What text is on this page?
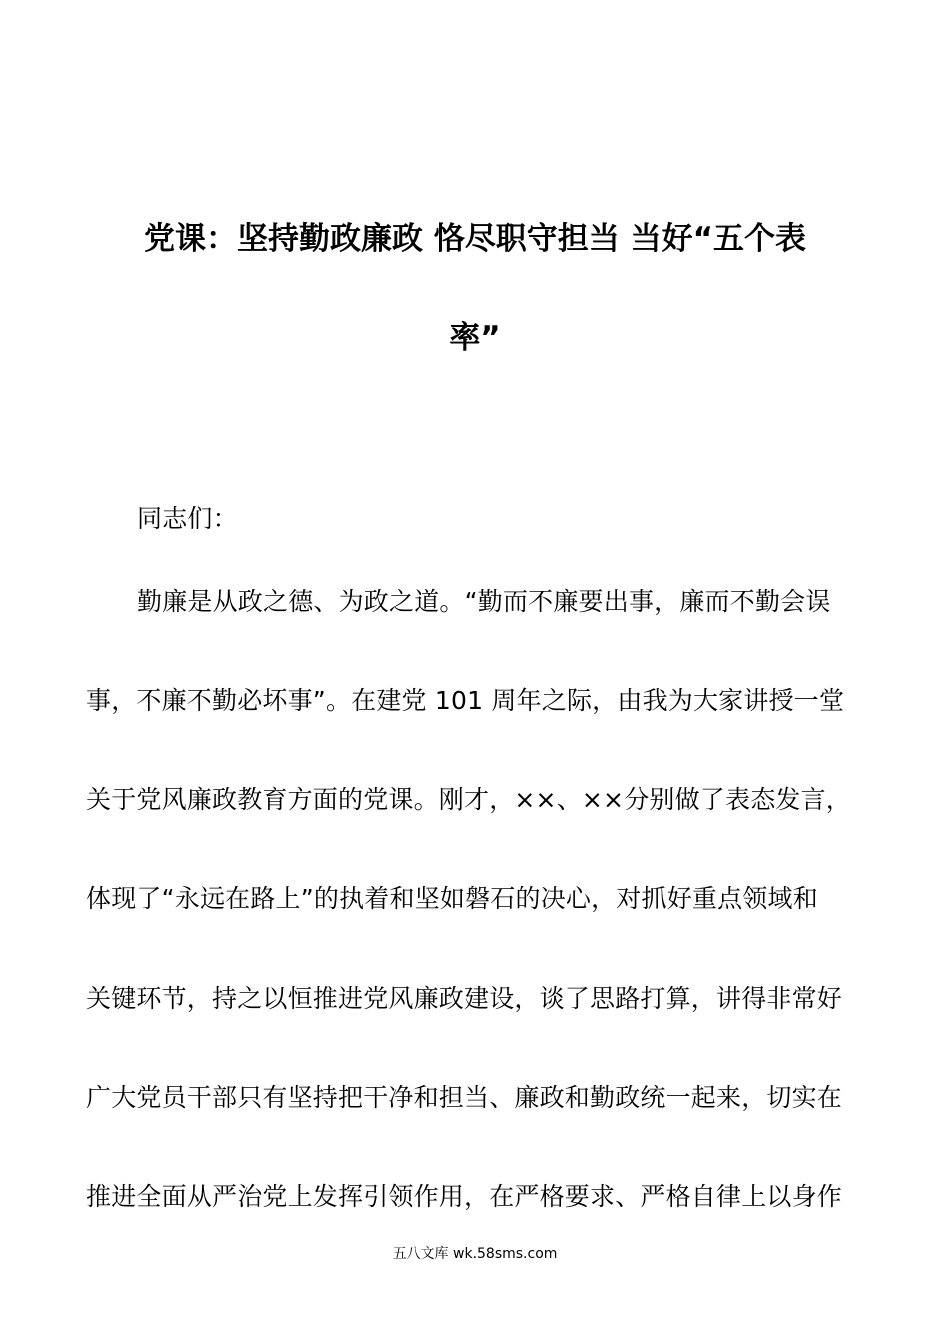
党课：坚持勤政廉政 恪尽职守担当 当好“五个表
率”
同志们：
勤廉是从政之德、为政之道。“勤而不廉要出事，廉而不勤会误
事，不廉不勤必坏事”。在建党 101 周年之际，由我为大家讲授一堂
关于党风廉政教育方面的党课。刚才，××、××分别做了表态发言，
体现了“永远在路上”的执着和坚如磐石的决心，对抓好重点领域和
关键环节，持之以恒推进党风廉政建设，谈了思路打算，讲得非常好
广大党员干部只有坚持把干净和担当、廉政和勤政统一起来，切实在
推进全面从严治党上发挥引领作用，在严格要求、严格自律上以身作
五八文库 wk.58sms.com
